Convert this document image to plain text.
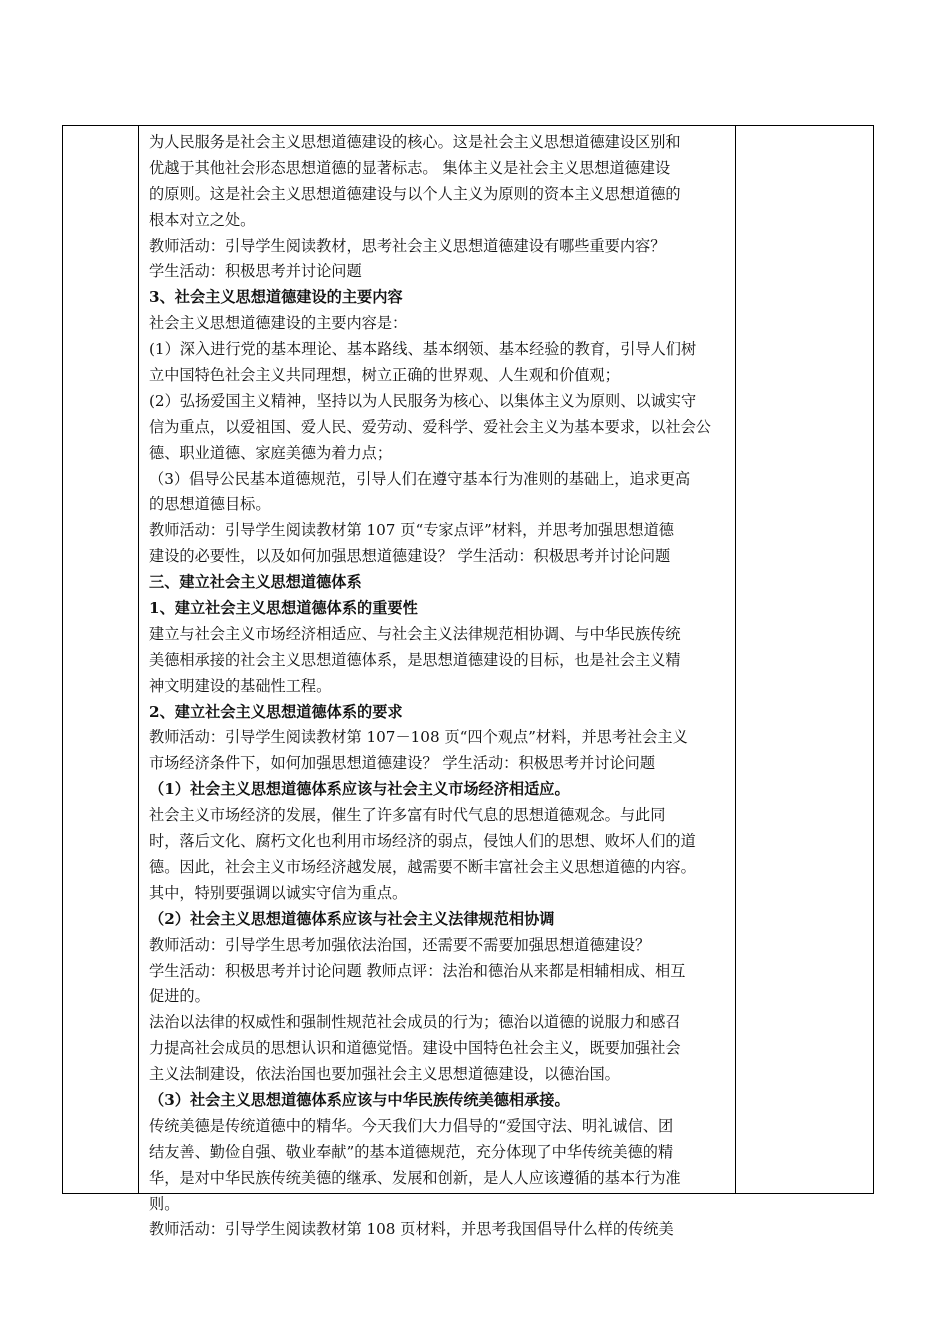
为人民服务是社会主义思想道德建设的核心。这是社会主义思想道德建设区别和
优越于其他社会形态思想道德的显著标志。 集体主义是社会主义思想道德建设
的原则。这是社会主义思想道德建设与以个人主义为原则的资本主义思想道德的
根本对立之处。
教师活动：引导学生阅读教材，思考社会主义思想道德建设有哪些重要内容？
学生活动：积极思考并讨论问题
3、社会主义思想道德建设的主要内容
社会主义思想道德建设的主要内容是：
(1）深入进行党的基本理论、基本路线、基本纲领、基本经验的教育，引导人们树
立中国特色社会主义共同理想，树立正确的世界观、人生观和价值观；
(2）弘扬爱国主义精神，坚持以为人民服务为核心、以集体主义为原则、以诚实守
信为重点，以爱祖国、爱人民、爱劳动、爱科学、爱社会主义为基本要求，以社会公
德、职业道德、家庭美德为着力点；
（3）倡导公民基本道德规范，引导人们在遵守基本行为准则的基础上，追求更高
的思想道德目标。
教师活动：引导学生阅读教材第 107 页“专家点评”材料，并思考加强思想道德
建设的必要性，以及如何加强思想道德建设？ 学生活动：积极思考并讨论问题
三、建立社会主义思想道德体系
1、建立社会主义思想道德体系的重要性
建立与社会主义市场经济相适应、与社会主义法律规范相协调、与中华民族传统
美德相承接的社会主义思想道德体系，是思想道德建设的目标，也是社会主义精
神文明建设的基础性工程。
2、建立社会主义思想道德体系的要求
教师活动：引导学生阅读教材第 107－108 页“四个观点”材料，并思考社会主义
市场经济条件下，如何加强思想道德建设？ 学生活动：积极思考并讨论问题
（1）社会主义思想道德体系应该与社会主义市场经济相适应。
社会主义市场经济的发展，催生了许多富有时代气息的思想道德观念。与此同
时，落后文化、腐朽文化也利用市场经济的弱点，侵蚀人们的思想、败坏人们的道
德。因此，社会主义市场经济越发展，越需要不断丰富社会主义思想道德的内容。
其中，特别要强调以诚实守信为重点。
（2）社会主义思想道德体系应该与社会主义法律规范相协调
教师活动：引导学生思考加强依法治国，还需要不需要加强思想道德建设？
学生活动：积极思考并讨论问题 教师点评：法治和德治从来都是相辅相成、相互
促进的。
法治以法律的权威性和强制性规范社会成员的行为；德治以道德的说服力和感召
力提高社会成员的思想认识和道德觉悟。建设中国特色社会主义，既要加强社会
主义法制建设，依法治国也要加强社会主义思想道德建设，以德治国。
（3）社会主义思想道德体系应该与中华民族传统美德相承接。
传统美德是传统道德中的精华。今天我们大力倡导的“爱国守法、明礼诚信、团
结友善、勤俭自强、敬业奉献”的基本道德规范，充分体现了中华传统美德的精
华，是对中华民族传统美德的继承、发展和创新，是人人应该遵循的基本行为准
则。
教师活动：引导学生阅读教材第 108 页材料，并思考我国倡导什么样的传统美
